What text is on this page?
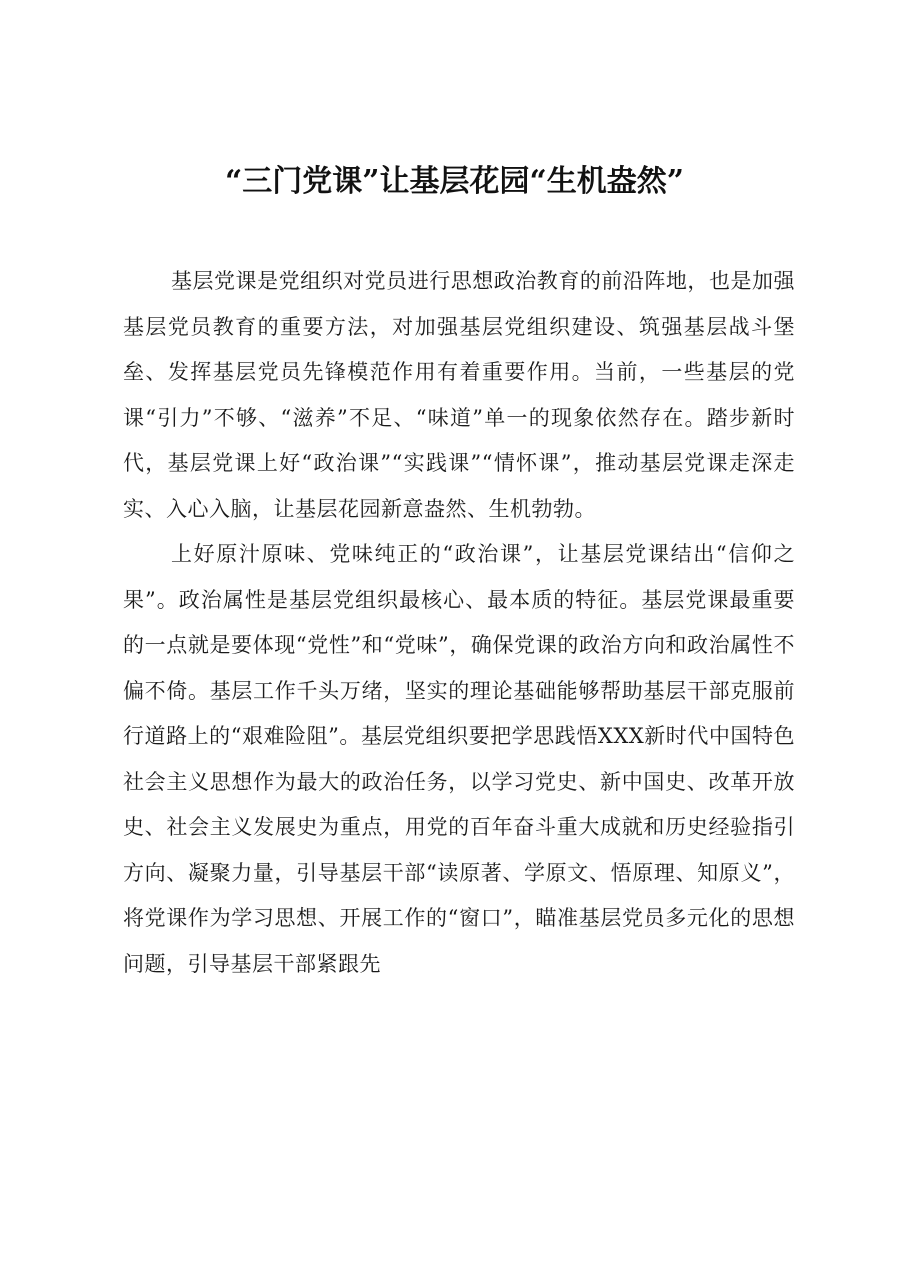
“三门党课”让基层花园“生机盎然”

基层党课是党组织对党员进行思想政治教育的前沿阵地，也是加强基层党员教育的重要方法，对加强基层党组织建设、筑强基层战斗堡垒、发挥基层党员先锋模范作用有着重要作用。当前，一些基层的党课“引力”不够、“滋养”不足、“味道”单一的现象依然存在。踏步新时代，基层党课上好“政治课”“实践课”“情怀课”，推动基层党课走深走实、入心入脑，让基层花园新意盎然、生机勃勃。

上好原汁原味、党味纯正的“政治课”，让基层党课结出“信仰之果”。政治属性是基层党组织最核心、最本质的特征。基层党课最重要的一点就是要体现“党性”和“党味”，确保党课的政治方向和政治属性不偏不倚。基层工作千头万绪，坚实的理论基础能够帮助基层干部克服前行道路上的“艰难险阻”。基层党组织要把学思践悟XXX新时代中国特色社会主义思想作为最大的政治任务，以学习党史、新中国史、改革开放史、社会主义发展史为重点，用党的百年奋斗重大成就和历史经验指引方向、凝聚力量，引导基层干部“读原著、学原文、悟原理、知原义”，将党课作为学习思想、开展工作的“窗口”，瞄准基层党员多元化的思想问题，引导基层干部紧跟先
